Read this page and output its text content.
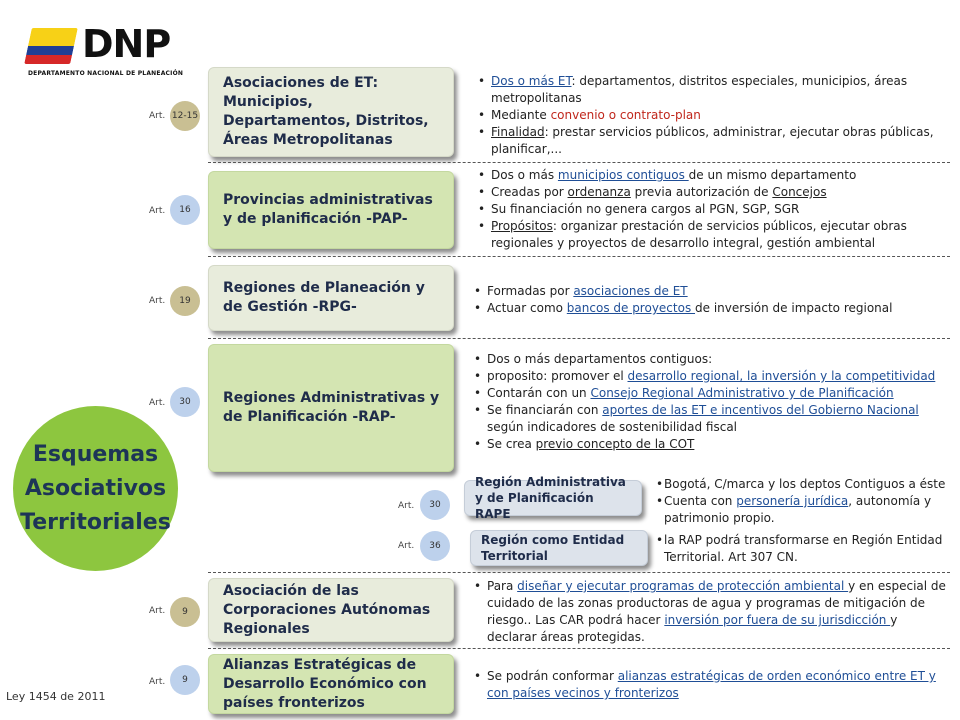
DNP
DEPARTAMENTO NACIONAL DE PLANEACIÓN
Esquemas
Asociativos
Territoriales
Ley 1454 de 2011
Art. 12-15
Asociaciones de ET: Municipios, Departamentos, Distritos, Áreas Metropolitanas
• Dos o más ET: departamentos, distritos especiales, municipios, áreas metropolitanas
• Mediante convenio o contrato-plan
• Finalidad: prestar servicios públicos, administrar, ejecutar obras públicas, planificar,...
Art.	16
Provincias administrativas y de planificación -PAP-
• Dos o más municipios contiguos de un mismo departamento
• Creadas por ordenanza previa autorización de Concejos
• Su financiación no genera cargos al PGN, SGP, SGR
• Propósitos: organizar prestación de servicios públicos, ejecutar obras regionales y proyectos de desarrollo integral, gestión ambiental
Art.	19
Regiones de Planeación y de Gestión -RPG-
• Formadas por asociaciones de ET
• Actuar como bancos de proyectos de inversión de impacto regional
Art.	30	Regiones Administrativas y de Planificación -RAP-
• Dos o más departamentos contiguos:
• proposito: promover el desarrollo regional, la inversión y la competitividad
• Contarán con un Consejo Regional Administrativo y de Planificación
• Se financiarán con aportes de las ET e incentivos del Gobierno Nacional según indicadores de sostenibilidad fiscal
• Se crea previo concepto de la COT
Art.	30
Región Administrativa y de Planificación RAPE
• Bogotá, C/marca y los deptos Contiguos a éste
• Cuenta con personería jurídica, autonomía y patrimonio propio.
Art.	36	Región como Entidad Territorial
• la RAP podrá transformarse en Región Entidad Territorial. Art 307 CN.
Art.	9
Asociación de las Corporaciones Autónomas Regionales
• Para diseñar y ejecutar programas de protección ambiental y en especial de cuidado de las zonas productoras de agua y programas de mitigación de riesgo.. Las CAR podrá hacer inversión por fuera de su jurisdicción y declarar áreas protegidas.
Art.	9
Alianzas Estratégicas de Desarrollo Económico con países fronterizos
• Se podrán conformar alianzas estratégicas de orden económico entre ET y con países vecinos y fronterizos
